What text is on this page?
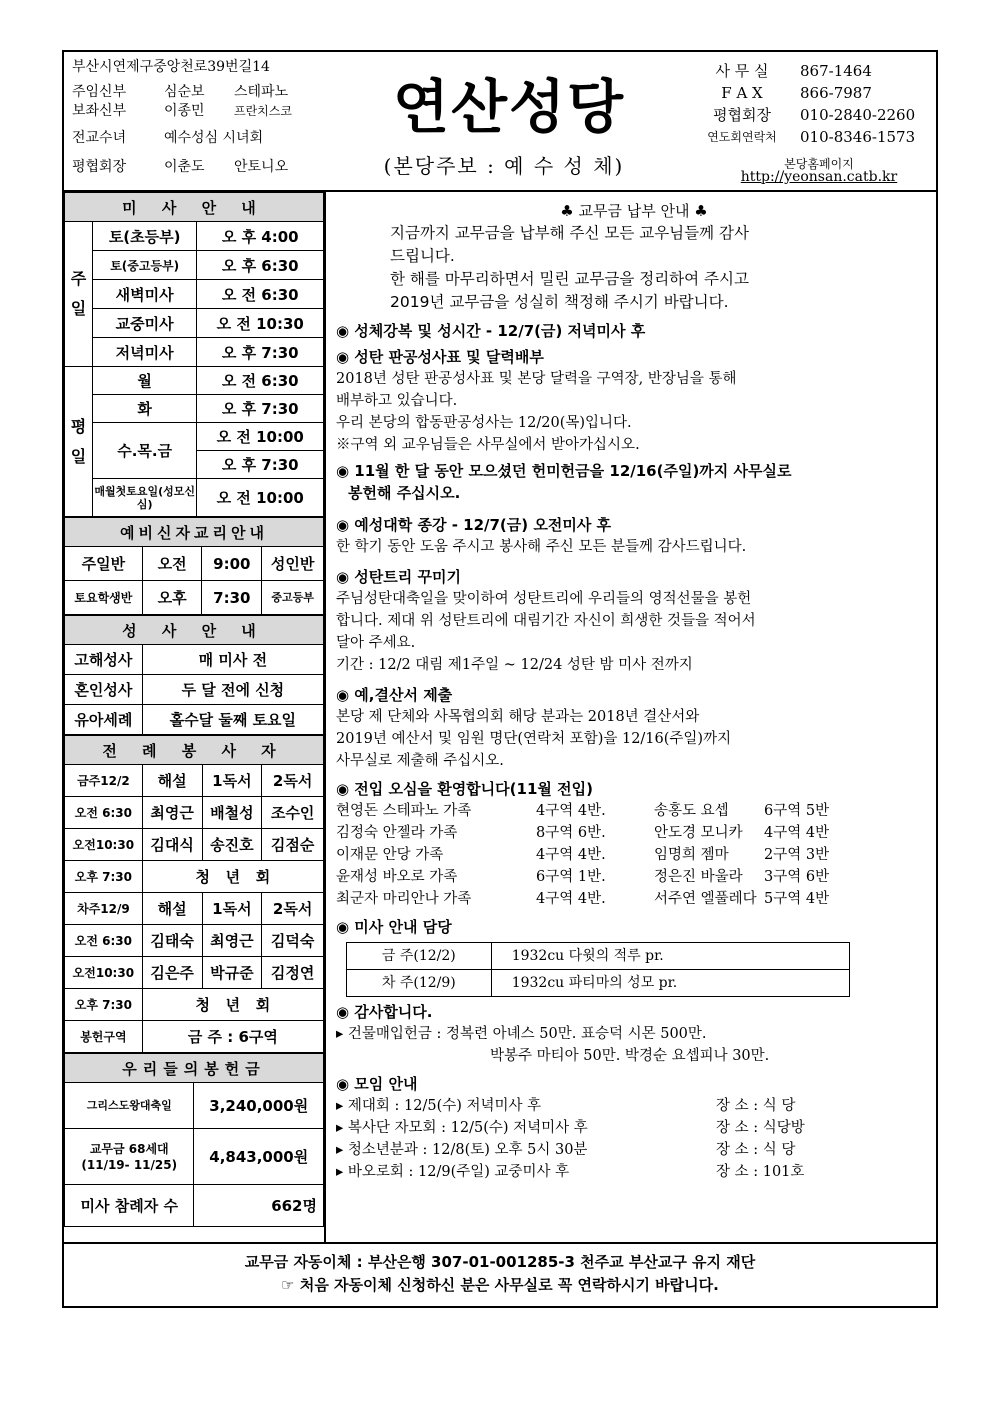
부산시연제구중앙천로39번길14
주임신부	심순보	스테파노
보좌신부	이종민	프란치스코
전교수녀	예수성심 시녀회
평협회장	이춘도	안토니오
연산성당
(본당주보 : 예 수 성 체)
사 무 실	867-1464
F A X	866-7987
평협회장	010-2840-2260
연도회연락처	010-8346-1573
본당홈페이지
http://yeonsan.catb.kr
미 사 안 내		
주일	토(초등부)	오 후 4:00
	토(중고등부)	오 후 6:30
	새벽미사	오 전 6:30
	교중미사	오 전 10:30
	저녁미사	오 후 7:30
평일	월	오 전 6:30
	화	오 후 7:30
	수.목.금	오 전 10:00
		오 후 7:30
	매월첫토요일(성모신심)	오 전 10:00
예비신자교리안내			
주일반	오전	9:00	성인반
토요학생반	오후	7:30	중고등부
성 사 안 내	
고해성사	매 미사 전
혼인성사	두 달 전에 신청
유아세례	홀수달 둘째 토요일
전 례 봉 사 자			
금주12/2	해설	1독서	2독서
오전 6:30	최영근	배철성	조수인
오전10:30	김대식	송진호	김점순
오후 7:30	청   년   회		
차주12/9	해설	1독서	2독서
오전 6:30	김태숙	최영근	김덕숙
오전10:30	김은주	박규준	김정연
오후 7:30	청   년   회		
봉헌구역	금 주 : 6구역		
우리들의봉헌금	
그리스도왕대축일	3,240,000원
교무금 68세대
(11/19- 11/25)	4,843,000원
미사 참례자 수	662명
♣ 교무금 납부 안내 ♣
지금까지 교무금을 납부해 주신 모든 교우님들께 감사
드립니다.
한 해를 마무리하면서 밀린 교무금을 정리하여 주시고
2019년 교무금을 성실히 책정해 주시기 바랍니다.
◉ 성체강복 및 성시간 - 12/7(금) 저녁미사 후
◉ 성탄 판공성사표 및 달력배부
2018년 성탄 판공성사표 및 본당 달력을 구역장, 반장님을 통해
배부하고 있습니다.
우리 본당의 합동판공성사는 12/20(목)입니다.
※구역 외 교우님들은 사무실에서 받아가십시오.
◉ 11월 한 달 동안 모으셨던 헌미헌금을 12/16(주일)까지 사무실로
봉헌해 주십시오.
◉ 예성대학 종강 - 12/7(금) 오전미사 후
한 학기 동안 도움 주시고 봉사해 주신 모든 분들께 감사드립니다.
◉ 성탄트리 꾸미기
주님성탄대축일을 맞이하여 성탄트리에 우리들의 영적선물을 봉헌
합니다. 제대 위 성탄트리에 대림기간 자신이 희생한 것들을 적어서
달아 주세요.
기간 : 12/2 대림 제1주일 ~ 12/24 성탄 밤 미사 전까지
◉ 예,결산서 제출
본당 제 단체와 사목협의회 해당 분과는 2018년 결산서와
2019년 예산서 및 임원 명단(연락처 포함)을 12/16(주일)까지
사무실로 제출해 주십시오.
◉ 전입 오심을 환영합니다(11월 전입)
현영돈 스테파노 가족	4구역 4반.	송홍도 요셉	6구역 5반
김정숙 안젤라 가족	8구역 6반.	안도경 모니카	4구역 4반
이재문 안당 가족	4구역 4반.	임명희 젬마	2구역 3반
윤재성 바오로 가족	6구역 1반.	정은진 바울라	3구역 6반
최군자 마리안나 가족	4구역 4반.	서주연 엘풀레다 5구역 4반
◉ 미사 안내 담당
금 주(12/2)	1932cu 다윗의 적루 pr.
차 주(12/9)	1932cu 파티마의 성모 pr.
◉ 감사합니다.
▸ 건물매입헌금 : 정복련 아녜스 50만. 표승덕 시몬 500만.
박봉주 마티아 50만. 박경순 요셉피나 30만.
◉ 모임 안내
▸ 제대회 : 12/5(수) 저녁미사 후	장 소 : 식 당
▸ 복사단 자모회 : 12/5(수) 저녁미사 후	장 소 : 식당방
▸ 청소년분과 : 12/8(토) 오후 5시 30분	장 소 : 식 당
▸ 바오로회 : 12/9(주일) 교중미사 후	장 소 : 101호
교무금 자동이체 : 부산은행 307-01-001285-3 천주교 부산교구 유지 재단
☞ 처음 자동이체 신청하신 분은 사무실로 꼭 연락하시기 바랍니다.
